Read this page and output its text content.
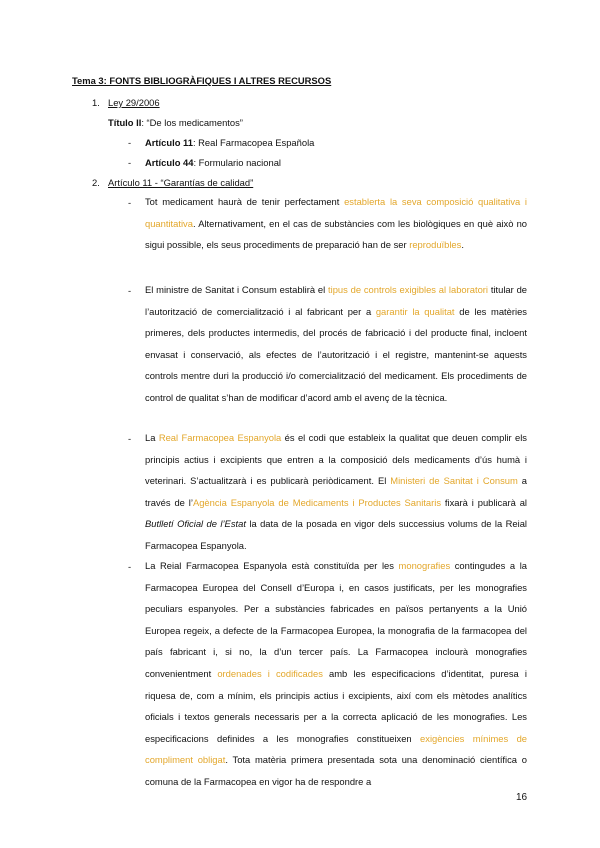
Tema 3: FONTS BIBLIOGRÀFIQUES I ALTRES RECURSOS
1. Ley 29/2006
Título II: “De los medicamentos”
- Artículo 11: Real Farmacopea Española
- Artículo 44: Formulario nacional
2. Artículo 11 - “Garantías de calidad”
- Tot medicament haurà de tenir perfectament establerta la seva composició qualitativa i quantitativa. Alternativament, en el cas de substàncies com les biològiques en què això no sigui possible, els seus procediments de preparació han de ser reproduïbles.
- El ministre de Sanitat i Consum establirà el tipus de controls exigibles al laboratori titular de l’autorització de comercialització i al fabricant per a garantir la qualitat de les matèries primeres, dels productes intermedis, del procés de fabricació i del producte final, incloent envasat i conservació, als efectes de l’autorització i el registre, mantenint-se aquests controls mentre duri la producció i/o comercialització del medicament. Els procediments de control de qualitat s’han de modificar d’acord amb el avenç de la tècnica.
- La Real Farmacopea Espanyola és el codi que estableix la qualitat que deuen complir els principis actius i excipients que entren a la composició dels medicaments d’ús humà i veterinari. S’actualitzarà i es publicarà periòdicament. El Ministeri de Sanitat i Consum a través de l’Agència Espanyola de Medicaments i Productes Sanitaris fixarà i publicarà al Butlletí Oficial de l’Estat la data de la posada en vigor dels successius volums de la Reial Farmacopea Espanyola.
- La Reial Farmacopea Espanyola està constituïda per les monografies contingudes a la Farmacopea Europea del Consell d’Europa i, en casos justificats, per les monografies peculiars espanyoles. Per a substàncies fabricades en països pertanyents a la Unió Europea regeix, a defecte de la Farmacopea Europea, la monografia de la farmacopea del país fabricant i, si no, la d’un tercer país. La Farmacopea inclourà monografies convenientment ordenades i codificades amb les especificacions d’identitat, puresa i riquesa de, com a mínim, els principis actius i excipients, així com els mètodes analítics oficials i textos generals necessaris per a la correcta aplicació de les monografies. Les especificacions definides a les monografies constitueixen exigències mínimes de compliment obligat. Tota matèria primera presentada sota una denominació científica o comuna de la Farmacopea en vigor ha de respondre a
16
